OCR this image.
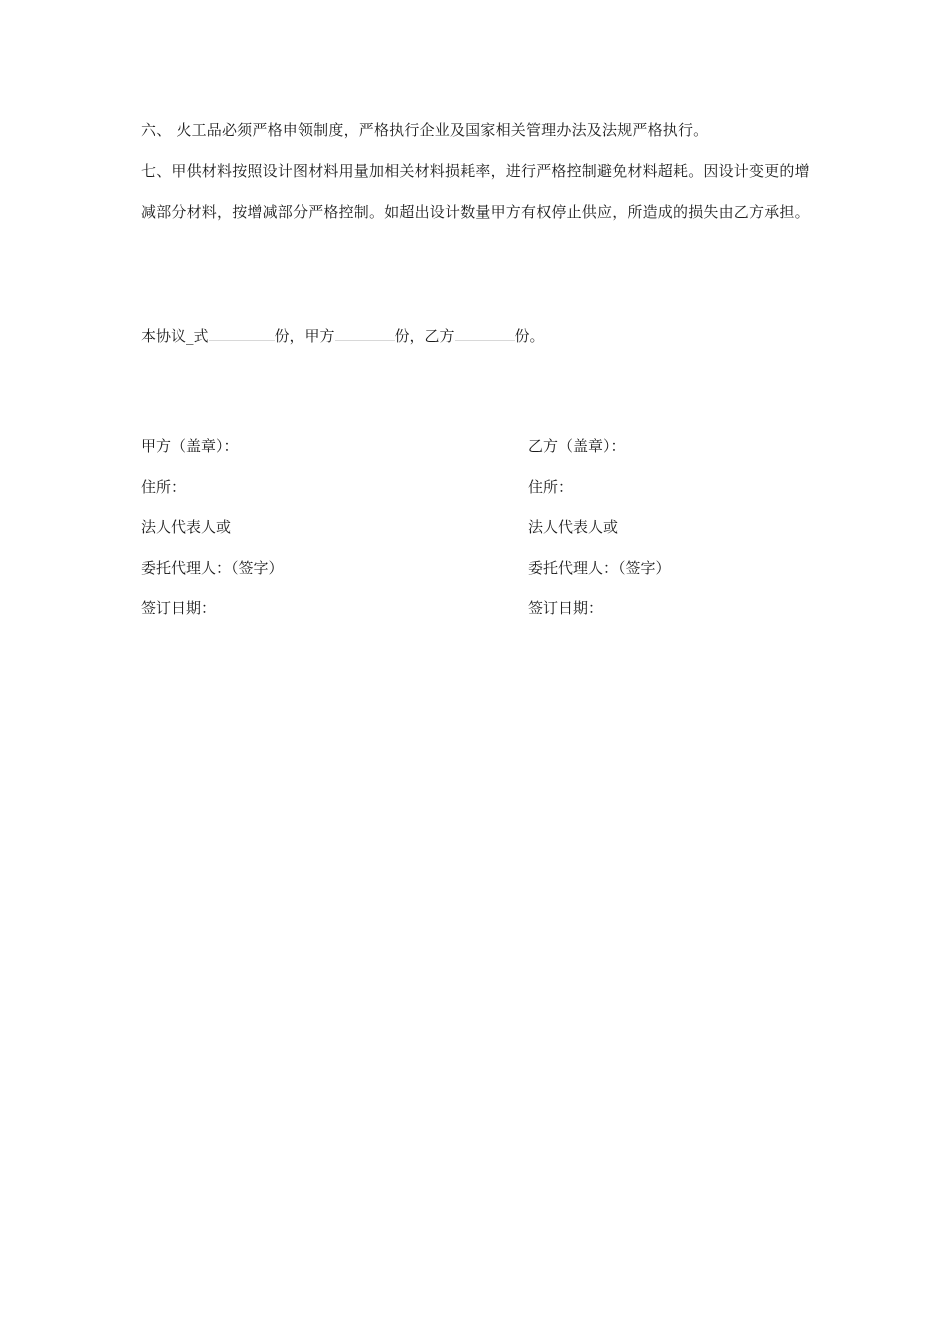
六、 火工品必须严格申领制度，严格执行企业及国家相关管理办法及法规严格执行。

七、甲供材料按照设计图材料用量加相关材料损耗率，进行严格控制避免材料超耗。因设计变更的增减部分材料，按增减部分严格控制。如超出设计数量甲方有权停止供应，所造成的损失由乙方承担。

本协议_式	份，甲方	份，乙方	份。
甲方（盖章）：
住所：
法人代表人或
委托代理人：（签字）
签订日期：
乙方（盖章）：
住所：
法人代表人或
委托代理人：（签字）
签订日期：
